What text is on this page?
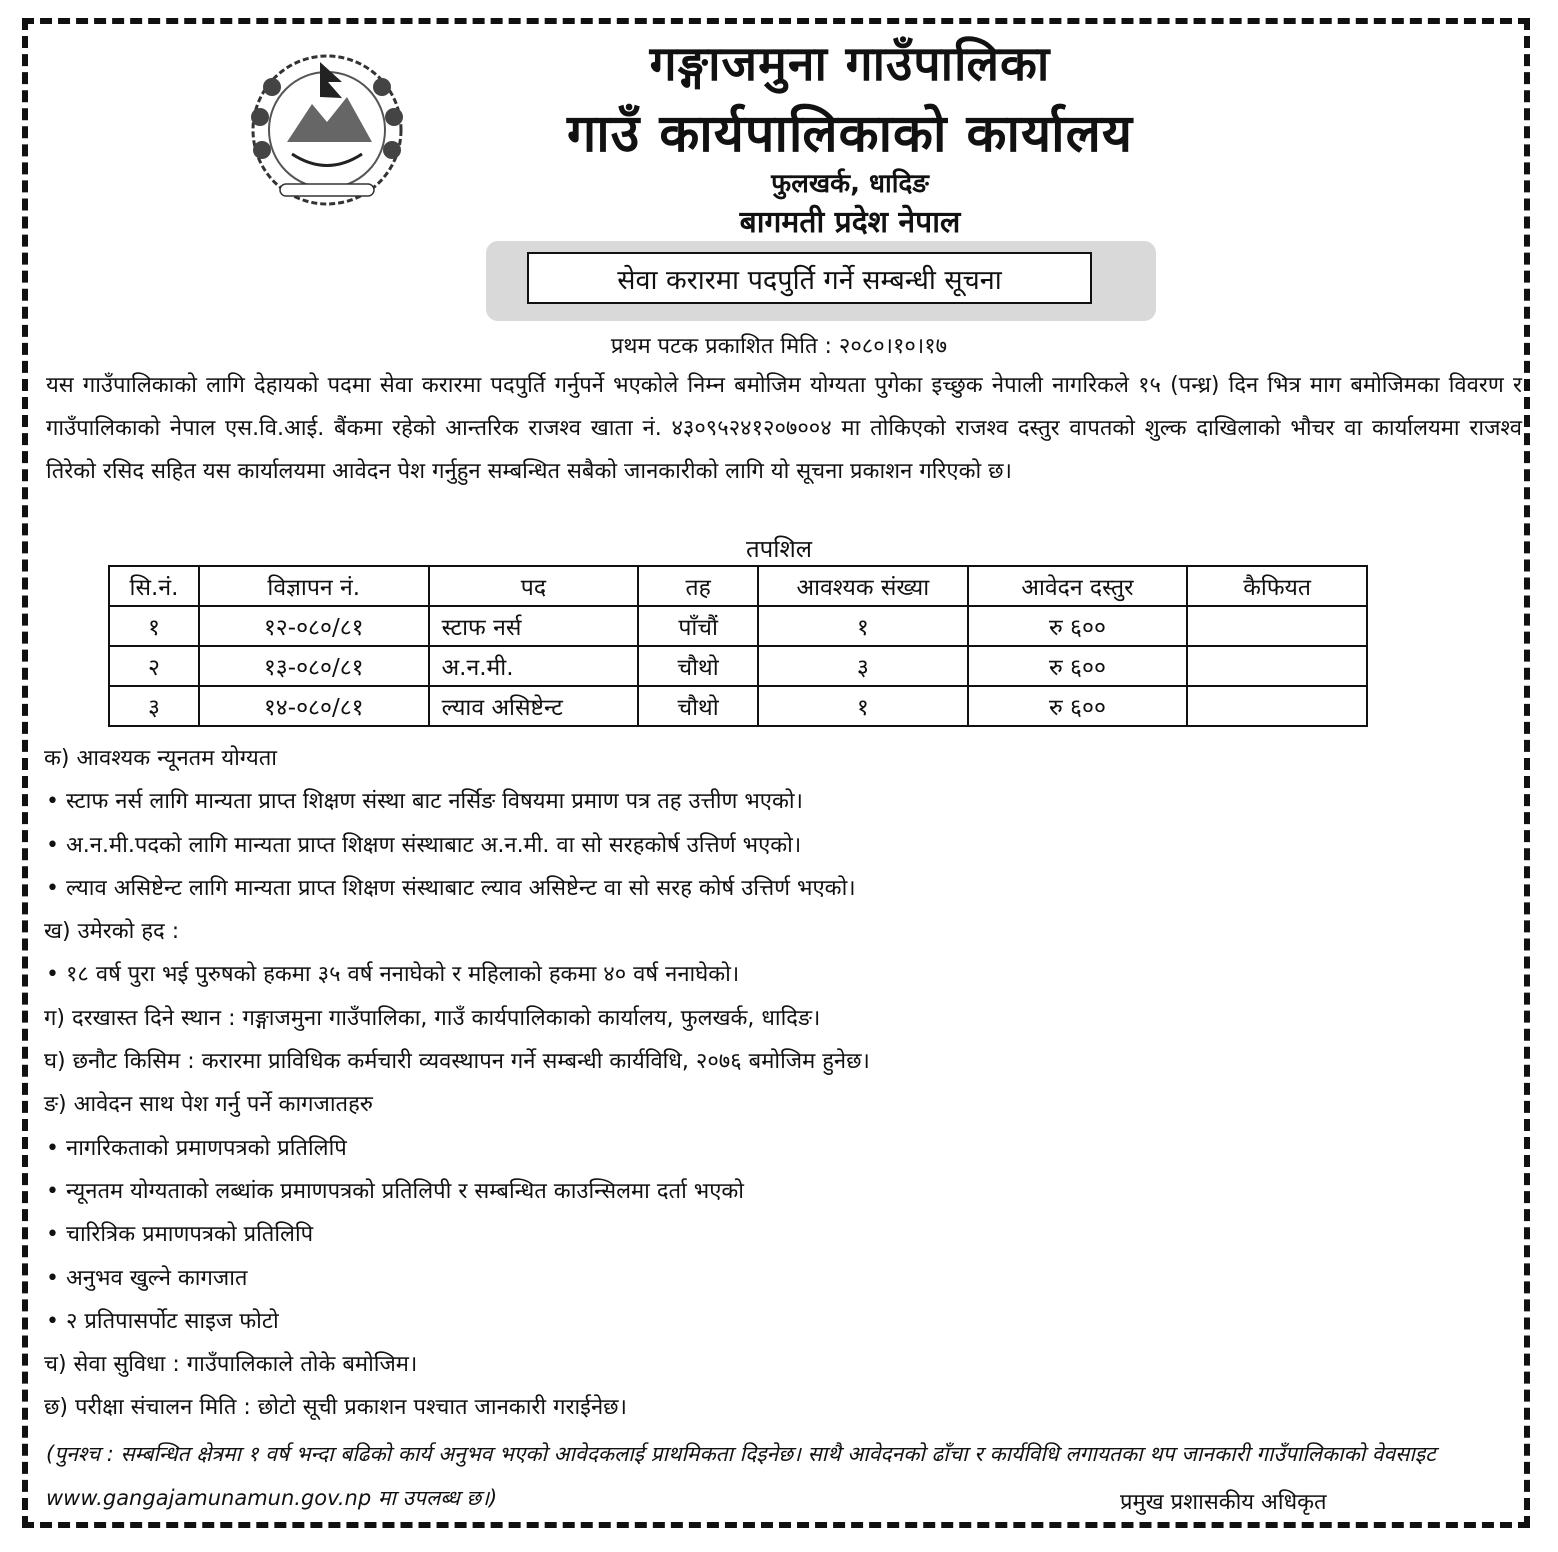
गङ्गाजमुना गाउँपालिका
गाउँ कार्यपालिकाको कार्यालय
फुलखर्क, धादिङ
बागमती प्रदेश नेपाल
सेवा करारमा पदपुर्ति गर्ने सम्बन्धी सूचना
प्रथम पटक प्रकाशित मिति : २०८०।१०।१७

यस गाउँपालिकाको लागि देहायको पदमा सेवा करारमा पदपुर्ति गर्नुपर्ने भएकोले निम्न बमोजिम योग्यता पुगेका इच्छुक नेपाली नागरिकले १५ (पन्ध्र) दिन भित्र माग बमोजिमका विवरण र गाउँपालिकाको नेपाल एस.वि.आई. बैंकमा रहेको आन्तरिक राजश्व खाता नं. ४३०९५२४१२०७००४ मा तोकिएको राजश्व दस्तुर वापतको शुल्क दाखिलाको भौचर वा कार्यालयमा राजश्व तिरेको रसिद सहित यस कार्यालयमा आवेदन पेश गर्नुहुन सम्बन्धित सबैको जानकारीको लागि यो सूचना प्रकाशन गरिएको छ।

तपशिल
सि.नं.	विज्ञापन नं.	पद	तह	आवश्यक संख्या	आवेदन दस्तुर	कैफियत
१	१२-०८०/८१	स्टाफ नर्स	पाँचौं	१	रु ६००	
२	१३-०८०/८१	अ.न.मी.	चौथो	३	रु ६००	
३	१४-०८०/८१	ल्याव असिष्टेन्ट	चौथो	१	रु ६००	
क) आवश्यक न्यूनतम योग्यता
• स्टाफ नर्स लागि मान्यता प्राप्त शिक्षण संस्था बाट नर्सिङ विषयमा प्रमाण पत्र तह उत्तीण भएको।
• अ.न.मी.पदको लागि मान्यता प्राप्त शिक्षण संस्थाबाट अ.न.मी. वा सो सरहकोर्ष उत्तिर्ण भएको।
• ल्याव असिष्टेन्ट लागि मान्यता प्राप्त शिक्षण संस्थाबाट ल्याव असिष्टेन्ट वा सो सरह कोर्ष उत्तिर्ण भएको।
ख) उमेरको हद :
• १८ वर्ष पुरा भई पुरुषको हकमा ३५ वर्ष ननाघेको र महिलाको हकमा ४० वर्ष ननाघेको।
ग) दरखास्त दिने स्थान : गङ्गाजमुना गाउँपालिका, गाउँ कार्यपालिकाको कार्यालय, फुलखर्क, धादिङ।
घ) छनौट किसिम : करारमा प्राविधिक कर्मचारी व्यवस्थापन गर्ने सम्बन्धी कार्यविधि, २०७६ बमोजिम हुनेछ।
ङ) आवेदन साथ पेश गर्नु पर्ने कागजातहरु
• नागरिकताको प्रमाणपत्रको प्रतिलिपि
• न्यूनतम योग्यताको लब्धांक प्रमाणपत्रको प्रतिलिपी र सम्बन्धित काउन्सिलमा दर्ता भएको
• चारित्रिक प्रमाणपत्रको प्रतिलिपि
• अनुभव खुल्ने कागजात
• २ प्रतिपासर्पोट साइज फोटो
च) सेवा सुविधा : गाउँपालिकाले तोके बमोजिम।
छ) परीक्षा संचालन मिति : छोटो सूची प्रकाशन पश्चात जानकारी गराईनेछ।

(पुनश्च : सम्बन्धित क्षेत्रमा १ वर्ष भन्दा बढिको कार्य अनुभव भएको आवेदकलाई प्राथमिकता दिइनेछ। साथै आवेदनको ढाँचा र कार्यविधि लगायतका थप जानकारी गाउँपालिकाको वेवसाइट www.gangajamunamun.gov.np मा उपलब्ध छ।)	प्रमुख प्रशासकीय अधिकृत
